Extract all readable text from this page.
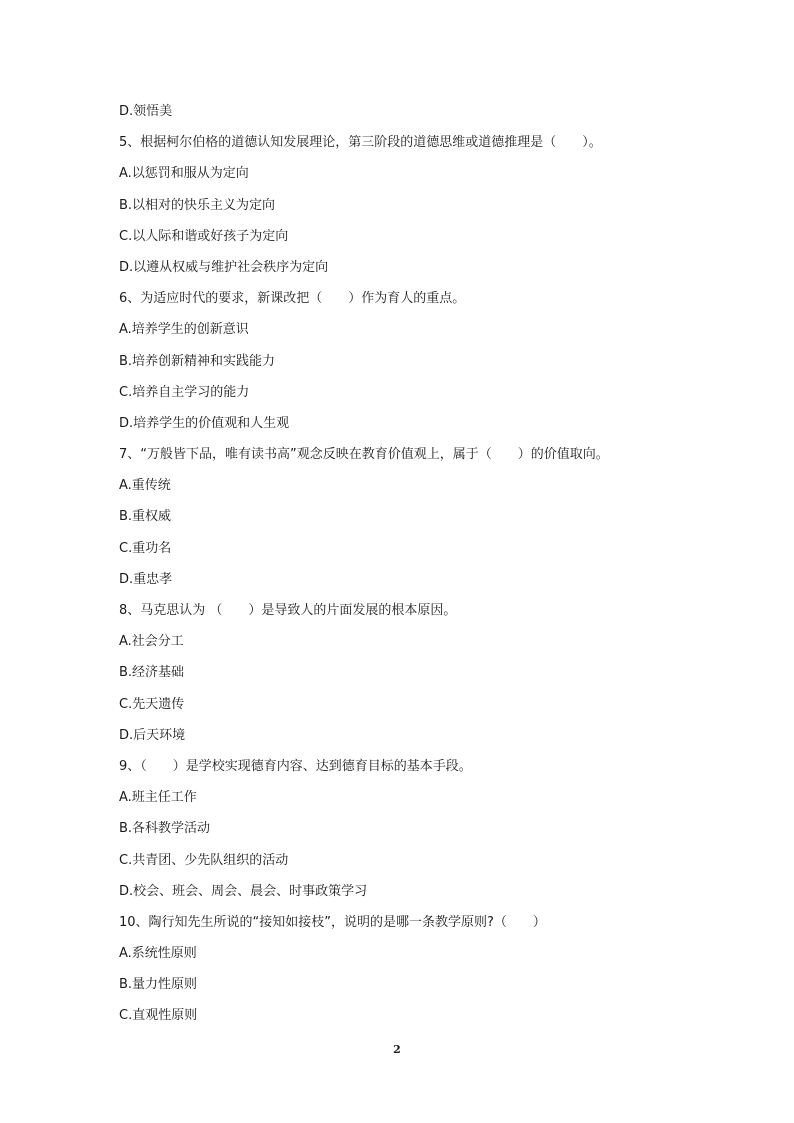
D.领悟美
5、根据柯尔伯格的道德认知发展理论，第三阶段的道德思维或道德推理是（　　）。
A.以惩罚和服从为定向
B.以相对的快乐主义为定向
C.以人际和谐或好孩子为定向
D.以遵从权威与维护社会秩序为定向
6、为适应时代的要求，新课改把（　　）作为育人的重点。
A.培养学生的创新意识
B.培养创新精神和实践能力
C.培养自主学习的能力
D.培养学生的价值观和人生观
7、“万般皆下品，唯有读书高”观念反映在教育价值观上，属于（　　）的价值取向。
A.重传统
B.重权威
C.重功名
D.重忠孝
8、马克思认为 （　　）是导致人的片面发展的根本原因。
A.社会分工
B.经济基础
C.先天遗传
D.后天环境
9、（　　）是学校实现德育内容、达到德育目标的基本手段。
A.班主任工作
B.各科教学活动
C.共青团、少先队组织的活动
D.校会、班会、周会、晨会、时事政策学习
10、陶行知先生所说的“接知如接枝”，说明的是哪一条教学原则?（　　）
A.系统性原则
B.量力性原则
C.直观性原则
2
